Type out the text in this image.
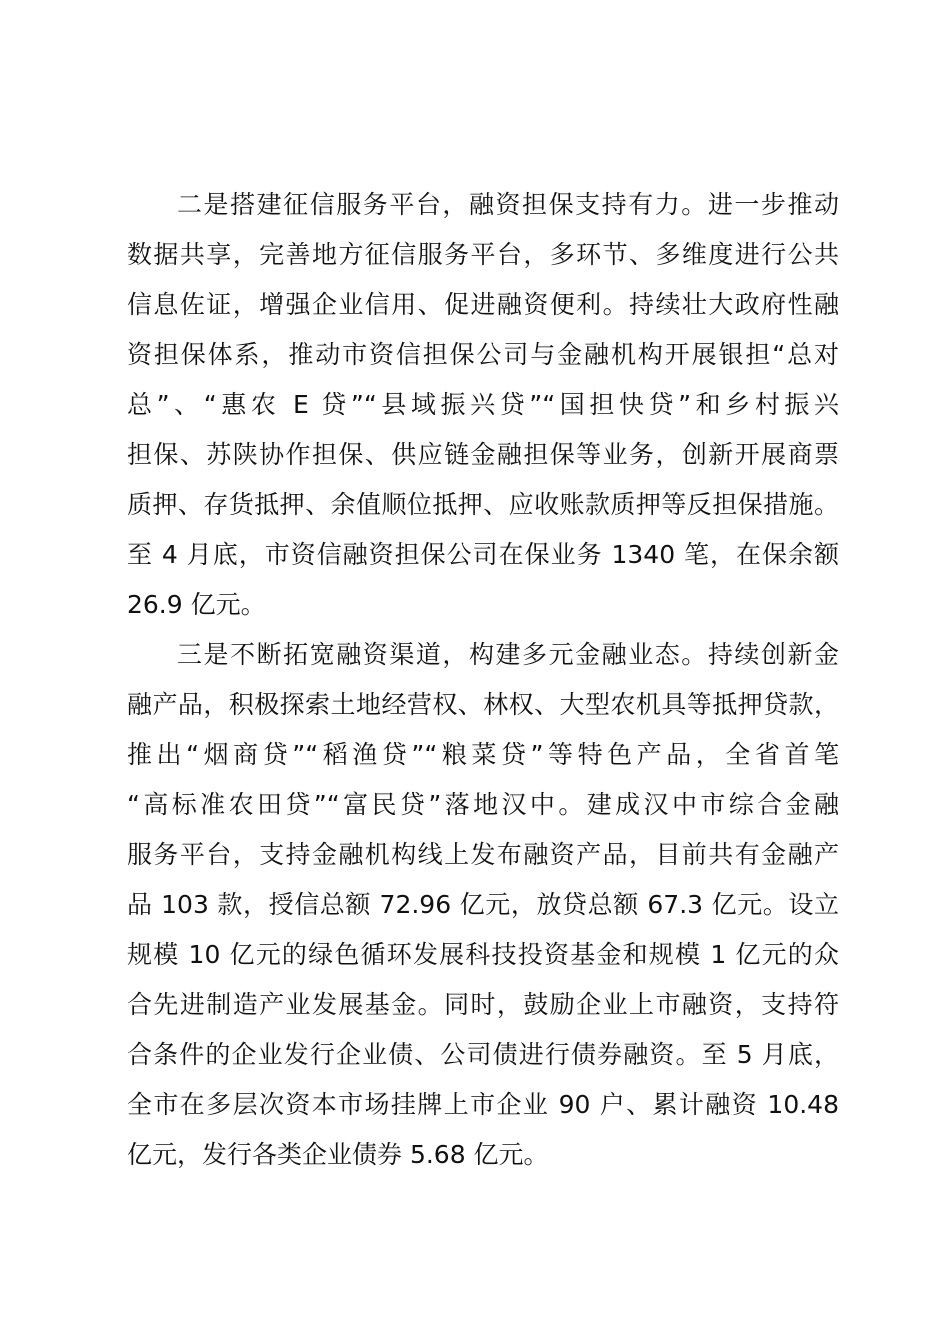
二是搭建征信服务平台，融资担保支持有力。进一步推动
数据共享，完善地方征信服务平台，多环节、多维度进行公共
信息佐证，增强企业信用、促进融资便利。持续壮大政府性融
资担保体系，推动市资信担保公司与金融机构开展银担“总对
总”、“惠农 E 贷”“县域振兴贷”“国担快贷”和乡村振兴
担保、苏陕协作担保、供应链金融担保等业务，创新开展商票
质押、存货抵押、余值顺位抵押、应收账款质押等反担保措施。
至 4 月底，市资信融资担保公司在保业务 1340 笔，在保余额
26.9 亿元。
三是不断拓宽融资渠道，构建多元金融业态。持续创新金
融产品，积极探索土地经营权、林权、大型农机具等抵押贷款，
推出“烟商贷”“稻渔贷”“粮菜贷”等特色产品，全省首笔
“高标准农田贷”“富民贷”落地汉中。建成汉中市综合金融
服务平台，支持金融机构线上发布融资产品，目前共有金融产
品 103 款，授信总额 72.96 亿元，放贷总额 67.3 亿元。设立
规模 10 亿元的绿色循环发展科技投资基金和规模 1 亿元的众
合先进制造产业发展基金。同时，鼓励企业上市融资，支持符
合条件的企业发行企业债、公司债进行债券融资。至 5 月底，
全市在多层次资本市场挂牌上市企业 90 户、累计融资 10.48
亿元，发行各类企业债券 5.68 亿元。
